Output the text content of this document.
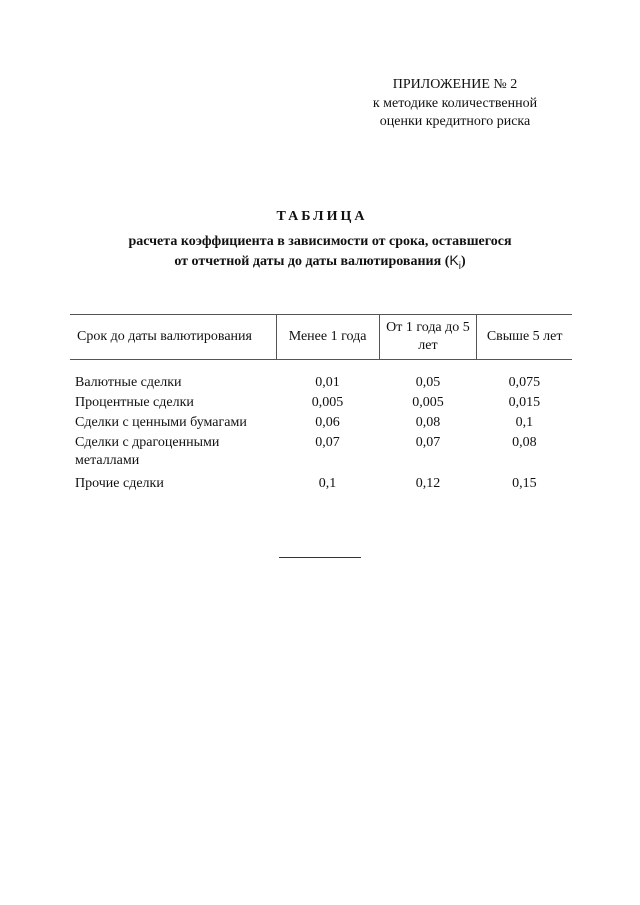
ПРИЛОЖЕНИЕ № 2
к методике количественной
оценки кредитного риска
ТАБЛИЦА
расчета коэффициента в зависимости от срока, оставшегося
от отчетной даты до даты валютирования $(K_i)$
Срок до даты валютирования	Менее 1 года	От 1 года до 5 лет	Свыше 5 лет
Валютные сделки	0,01	0,05	0,075
Процентные сделки	0,005	0,005	0,015
Сделки с ценными бумагами	0,06	0,08	0,1
Сделки с драгоценными металлами	0,07	0,07	0,08
Прочие сделки	0,1	0,12	0,15
